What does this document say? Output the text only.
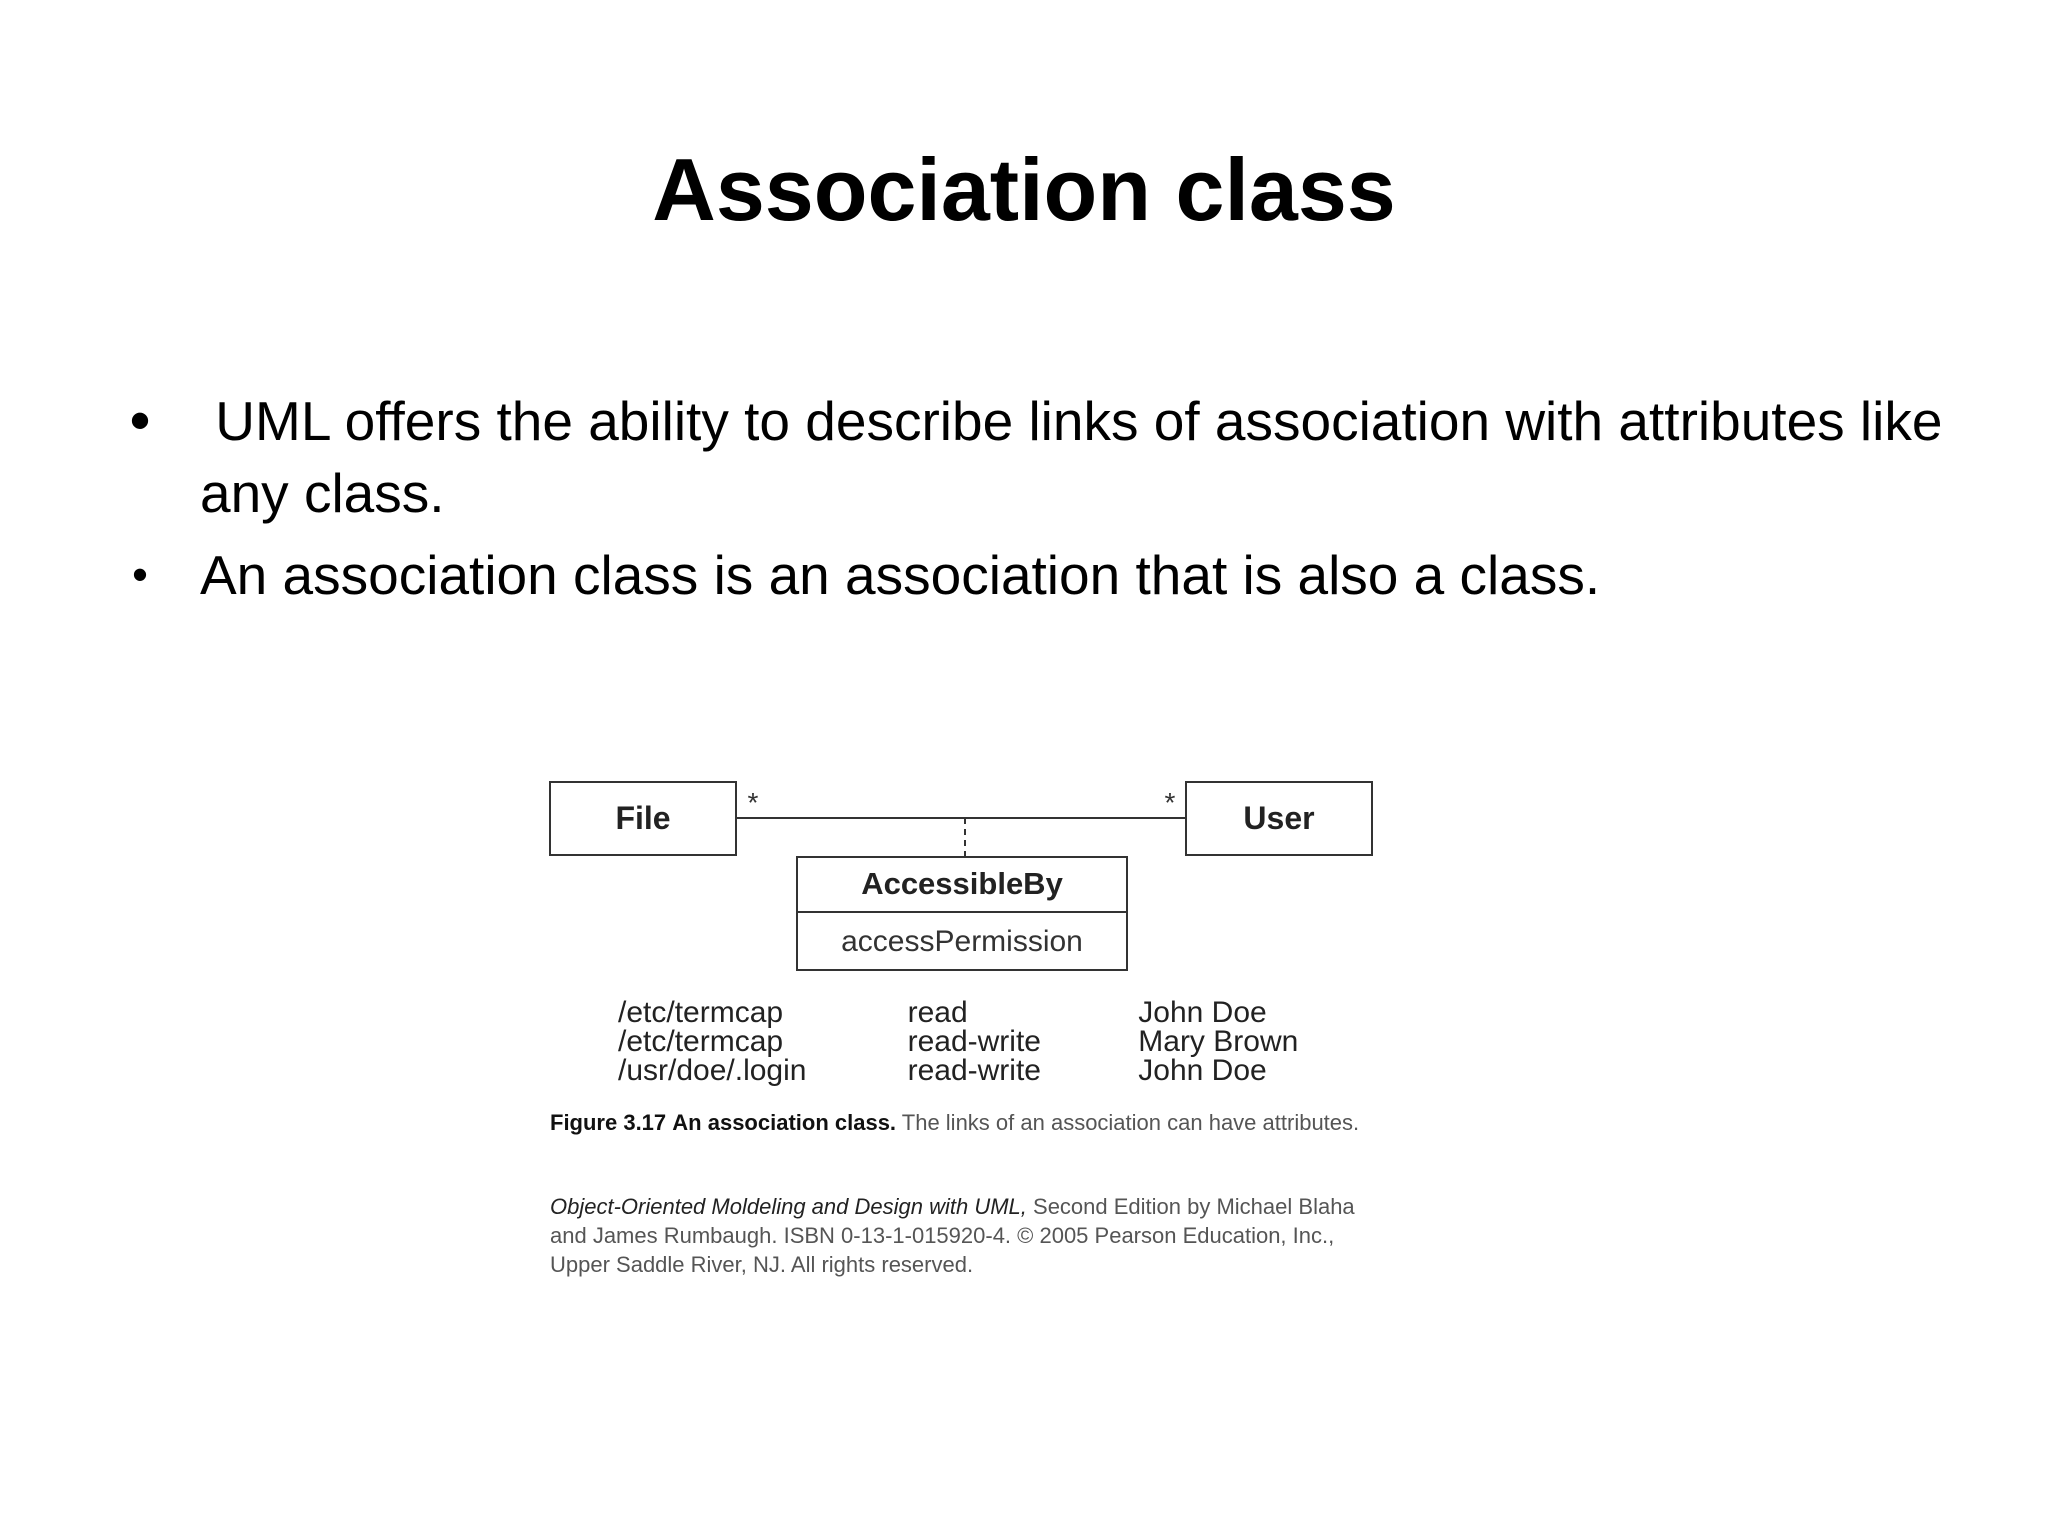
Association class
• UML offers the ability to describe links of association with attributes like any class.
• An association class is an association that is also a class.
File	User
*	*
AccessibleBy
accessPermission
/etc/termcap	read	John Doe
/etc/termcap	read-write	Mary Brown
/usr/doe/.login	read-write	John Doe
Figure 3.17 An association class. The links of an association can have attributes.
Object-Oriented Moldeling and Design with UML, Second Edition by Michael Blaha and James Rumbaugh. ISBN 0-13-1-015920-4. © 2005 Pearson Education, Inc., Upper Saddle River, NJ. All rights reserved.
